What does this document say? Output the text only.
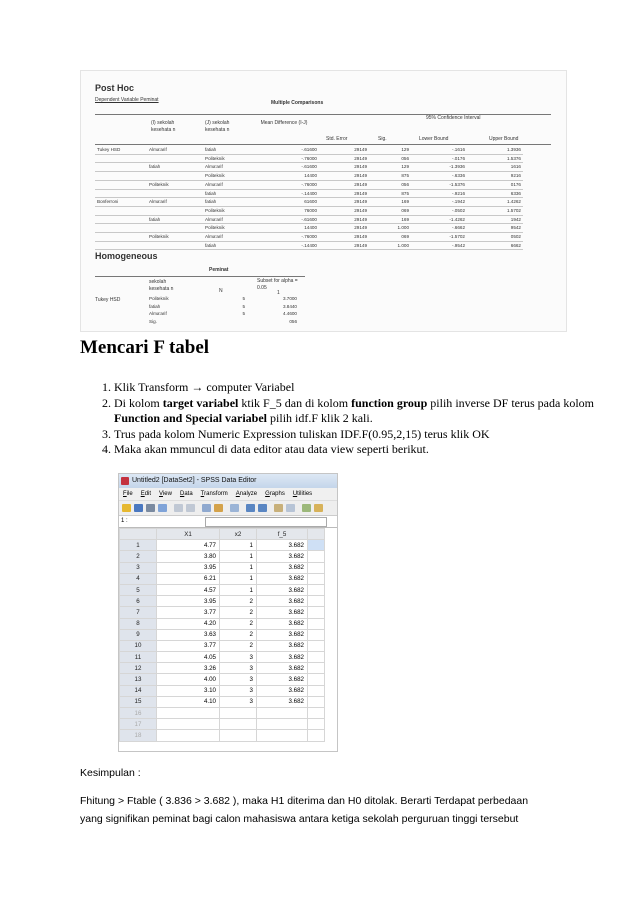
Post Hoc
Dependent Variable Peminat	Multiple Comparisons
95% Confidence Interval
(I) sekolah kesehata n
(J) sekolah kesehata n
Mean Difference (I-J)
Std. Error	Sig.	Lower Bound	Upper Bound
Tukey HSD	Alma'arif	fatiah	-.61600	29149	129	-.1616	1.3936
		Politeknik	-.76000	29149	056	-.0176	1.5376
	fatiah	Alma'arif	-.61600	29149	129	-1.3936	1616
		Politeknik	14400	29149	875	-.6336	9216
	Politeknik	Alma'arif	-.76000	29149	056	-1.5376	0176
		fatiah	-.14400	29149	875	-.9216	6336
Bonferroni	Alma'arif	fatiah	61600	29149	169	-.1942	1.4262
		Politeknik	76000	29149	069	-.0502	1.5702
	fatiah	Alma'arif	-.61600	29149	169	-1.4262	1942
		Politeknik	14400	29149	1.000	-.6662	9542
	Politeknik	Alma'arif	-.76000	29149	069	-1.5702	0502
		fatiah	-.14400	29149	1.000	-.9542	6662
Homogeneous
Peminat
sekolah kesehata n	N
Subset for alpha = 0.05
1
Tukey HSD	Politeknik	5	3.7000
fatiah	5	3.8440
Alma'arif	5	4.4600
Sig.		056
Mencari F tabel
1. Klik Transform → computer Variabel
2. Di kolom target variabel ktik F_5 dan di kolom function group pilih inverse DF terus pada kolom Function and Special variabel pilih idf.F klik 2 kali.
3. Trus pada kolom Numeric Expression tuliskan IDF.F(0.95,2,15) terus klik OK
4. Maka akan mmuncul di data editor atau data view seperti berikut.
Untitled2 [DataSet2] - SPSS Data Editor
File Edit View Data Transform Analyze Graphs Utilities
1 :
	X1	x2	f_5	
1	4.77	1	3.682	
2	3.80	1	3.682	
3	3.95	1	3.682	
4	6.21	1	3.682	
5	4.57	1	3.682	
6	3.95	2	3.682	
7	3.77	2	3.682	
8	4.20	2	3.682	
9	3.63	2	3.682	
10	3.77	2	3.682	
11	4.05	3	3.682	
12	3.26	3	3.682	
13	4.00	3	3.682	
14	3.10	3	3.682	
15	4.10	3	3.682	
16				
17				
18				
Kesimpulan :
Fhitung > Ftable ( 3.836 > 3.682 ), maka H1 diterima dan H0 ditolak. Berarti Terdapat perbedaan
yang signifikan peminat bagi calon mahasiswa antara ketiga sekolah perguruan tinggi tersebut
